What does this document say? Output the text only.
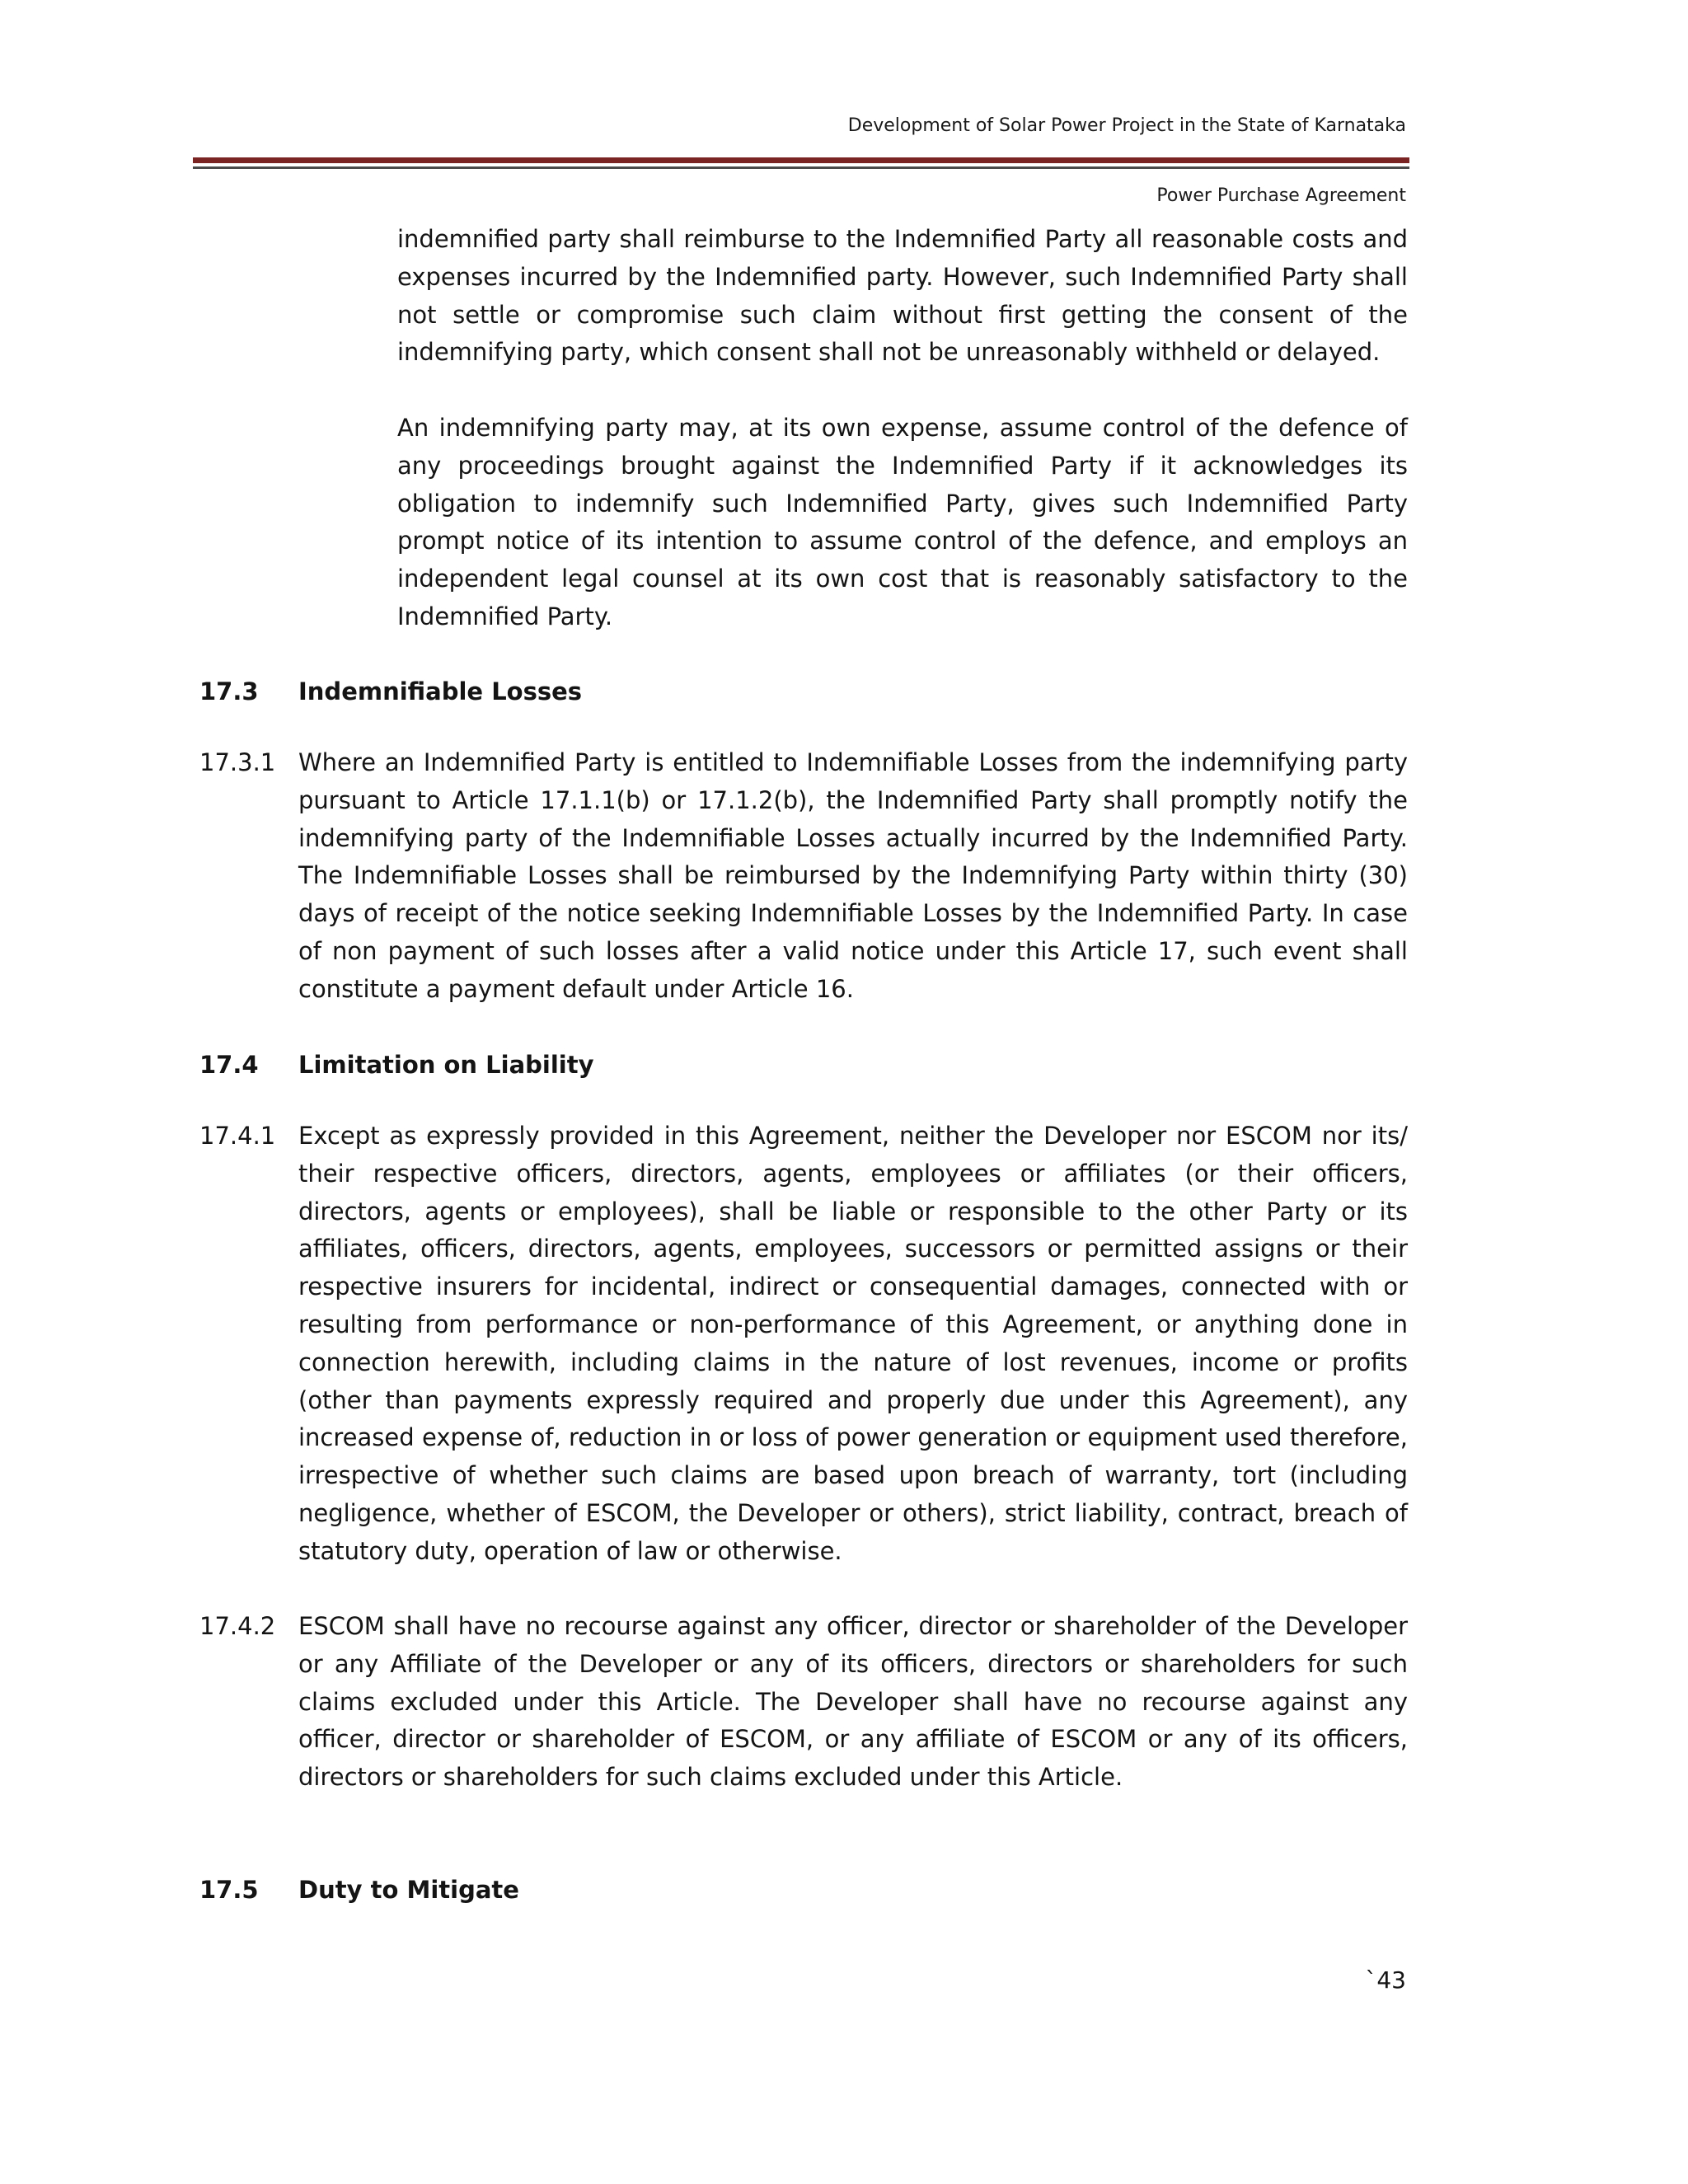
Development of Solar Power Project in the State of Karnataka
Power Purchase Agreement

indemnified party shall reimburse to the Indemnified Party all reasonable costs and expenses incurred by the Indemnified party. However, such Indemnified Party shall not settle or compromise such claim without first getting the consent of the indemnifying party, which consent shall not be unreasonably withheld or delayed.

An indemnifying party may, at its own expense, assume control of the defence of any proceedings brought against the Indemnified Party if it acknowledges its obligation to indemnify such Indemnified Party, gives such Indemnified Party prompt notice of its intention to assume control of the defence, and employs an independent legal counsel at its own cost that is reasonably satisfactory to the Indemnified Party.

17.3 Indemnifiable Losses
17.3.1 Where an Indemnified Party is entitled to Indemnifiable Losses from the indemnifying party pursuant to Article 17.1.1(b) or 17.1.2(b), the Indemnified Party shall promptly notify the indemnifying party of the Indemnifiable Losses actually incurred by the Indemnified Party. The Indemnifiable Losses shall be reimbursed by the Indemnifying Party within thirty (30) days of receipt of the notice seeking Indemnifiable Losses by the Indemnified Party. In case of non payment of such losses after a valid notice under this Article 17, such event shall constitute a payment default under Article 16.

17.4 Limitation on Liability
17.4.1 Except as expressly provided in this Agreement, neither the Developer nor ESCOM nor its/ their respective officers, directors, agents, employees or affiliates (or their officers, directors, agents or employees), shall be liable or responsible to the other Party or its affiliates, officers, directors, agents, employees, successors or permitted assigns or their respective insurers for incidental, indirect or consequential damages, connected with or resulting from performance or non-performance of this Agreement, or anything done in connection herewith, including claims in the nature of lost revenues, income or profits (other than payments expressly required and properly due under this Agreement), any increased expense of, reduction in or loss of power generation or equipment used therefore, irrespective of whether such claims are based upon breach of warranty, tort (including negligence, whether of ESCOM, the Developer or others), strict liability, contract, breach of statutory duty, operation of law or otherwise.

17.4.2 ESCOM shall have no recourse against any officer, director or shareholder of the Developer or any Affiliate of the Developer or any of its officers, directors or shareholders for such claims excluded under this Article. The Developer shall have no recourse against any officer, director or shareholder of ESCOM, or any affiliate of ESCOM or any of its officers, directors or shareholders for such claims excluded under this Article.

17.5 Duty to Mitigate
`43
